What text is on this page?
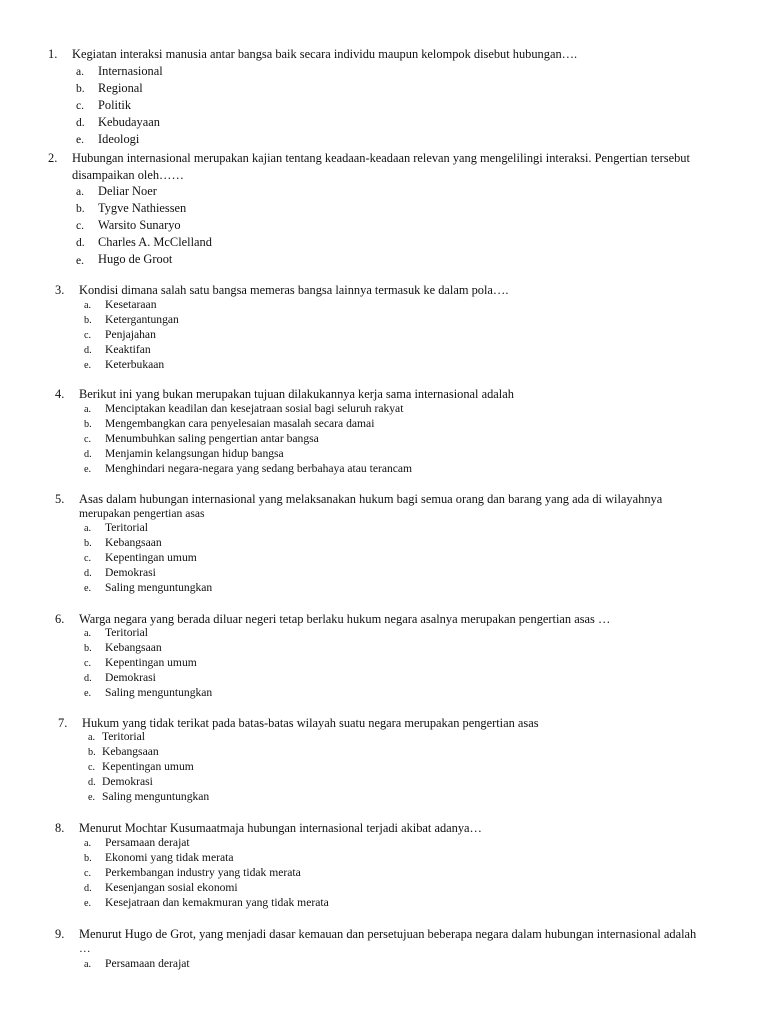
1. Kegiatan interaksi manusia antar bangsa baik secara individu maupun kelompok disebut hubungan….
a. Internasional
b. Regional
c. Politik
d. Kebudayaan
e. Ideologi
2. Hubungan internasional merupakan kajian tentang keadaan-keadaan relevan yang mengelilingi interaksi. Pengertian tersebut
disampaikan oleh……
a. Deliar Noer
b. Tygve Nathiessen
c. Warsito Sunaryo
d. Charles A. McClelland
e. Hugo de Groot
3. Kondisi dimana salah satu bangsa memeras bangsa lainnya termasuk ke dalam pola….
a. Kesetaraan
b. Ketergantungan
c. Penjajahan
d. Keaktifan
e. Keterbukaan
4. Berikut ini yang bukan merupakan tujuan dilakukannya kerja sama internasional adalah
a. Menciptakan keadilan dan kesejatraan sosial bagi seluruh rakyat
b. Mengembangkan cara penyelesaian masalah secara damai
c. Menumbuhkan saling pengertian antar bangsa
d. Menjamin kelangsungan hidup bangsa
e. Menghindari negara-negara yang sedang berbahaya atau terancam
5. Asas dalam hubungan internasional yang melaksanakan hukum bagi semua orang dan barang yang ada di wilayahnya
merupakan pengertian asas
a. Teritorial
b. Kebangsaan
c. Kepentingan umum
d. Demokrasi
e. Saling menguntungkan
6. Warga negara yang berada diluar negeri tetap berlaku hukum negara asalnya merupakan pengertian asas …
a. Teritorial
b. Kebangsaan
c. Kepentingan umum
d. Demokrasi
e. Saling menguntungkan
7. Hukum yang tidak terikat pada batas-batas wilayah suatu negara merupakan pengertian asas
a. Teritorial
b. Kebangsaan
c. Kepentingan umum
d. Demokrasi
e. Saling menguntungkan
8. Menurut Mochtar Kusumaatmaja hubungan internasional terjadi akibat adanya…
a. Persamaan derajat
b. Ekonomi yang tidak merata
c. Perkembangan industry yang tidak merata
d. Kesenjangan sosial ekonomi
e. Kesejatraan dan kemakmuran yang tidak merata
9. Menurut Hugo de Grot, yang menjadi dasar kemauan dan persetujuan beberapa negara dalam hubungan internasional adalah
…
a. Persamaan derajat
